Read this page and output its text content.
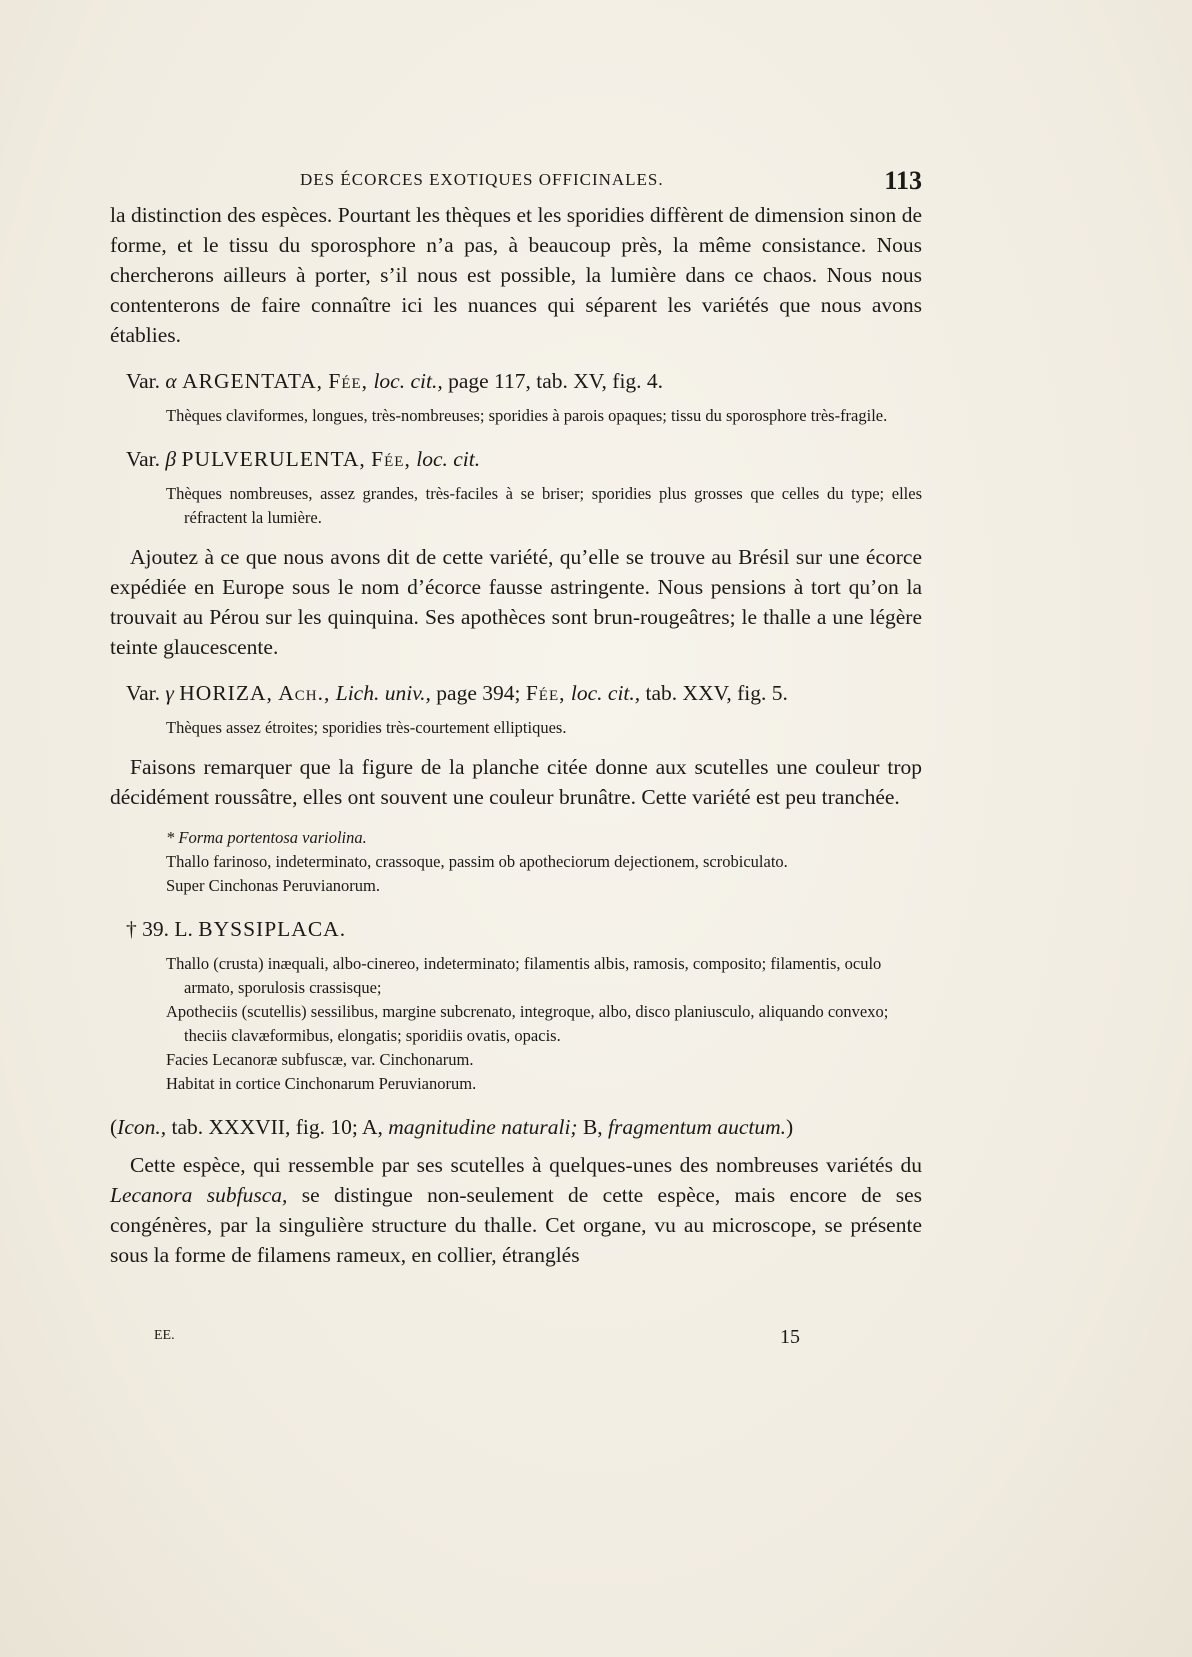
DES ÉCORCES EXOTIQUES OFFICINALES.	113

la distinction des espèces. Pourtant les thèques et les sporidies diffèrent de dimension sinon de forme, et le tissu du sporosphore n’a pas, à beaucoup près, la même consistance. Nous chercherons ailleurs à porter, s’il nous est possible, la lumière dans ce chaos. Nous nous contenterons de faire connaître ici les nuances qui séparent les variétés que nous avons établies.

Var. α ARGENTATA, Fée, loc. cit., page 117, tab. XV, fig. 4.

Thèques claviformes, longues, très-nombreuses; sporidies à parois opaques; tissu du sporosphore très-fragile.

Var. β PULVERULENTA, Fée, loc. cit.

Thèques nombreuses, assez grandes, très-faciles à se briser; sporidies plus grosses que celles du type; elles réfractent la lumière.

Ajoutez à ce que nous avons dit de cette variété, qu’elle se trouve au Brésil sur une écorce expédiée en Europe sous le nom d’écorce fausse astringente. Nous pensions à tort qu’on la trouvait au Pérou sur les quinquina. Ses apothèces sont brun-rougeâtres; le thalle a une légère teinte glaucescente.

Var. γ HORIZA, Ach., Lich. univ., page 394; Fée, loc. cit., tab. XXV, fig. 5.

Thèques assez étroites; sporidies très-courtement elliptiques.

Faisons remarquer que la figure de la planche citée donne aux scutelles une couleur trop décidément roussâtre, elles ont souvent une couleur brunâtre. Cette variété est peu tranchée.

* Forma portentosa variolina.

Thallo farinoso, indeterminato, crassoque, passim ob apotheciorum dejectionem, scrobiculato.

Super Cinchonas Peruvianorum.

† 39. L. BYSSIPLACA.

Thallo (crusta) inæquali, albo-cinereo, indeterminato; filamentis albis, ramosis, composito; filamentis, oculo armato, sporulosis crassisque;

Apotheciis (scutellis) sessilibus, margine subcrenato, integroque, albo, disco planiusculo, aliquando convexo; theciis clavæformibus, elongatis; sporidiis ovatis, opacis.

Facies Lecanoræ subfuscæ, var. Cinchonarum.

Habitat in cortice Cinchonarum Peruvianorum.

(Icon., tab. XXXVII, fig. 10; A, magnitudine naturali; B, fragmentum auctum.)

Cette espèce, qui ressemble par ses scutelles à quelques-unes des nombreuses variétés du Lecanora subfusca, se distingue non-seulement de cette espèce, mais encore de ses congénères, par la singulière structure du thalle. Cet organe, vu au microscope, se présente sous la forme de filamens rameux, en collier, étranglés

EE.	15
